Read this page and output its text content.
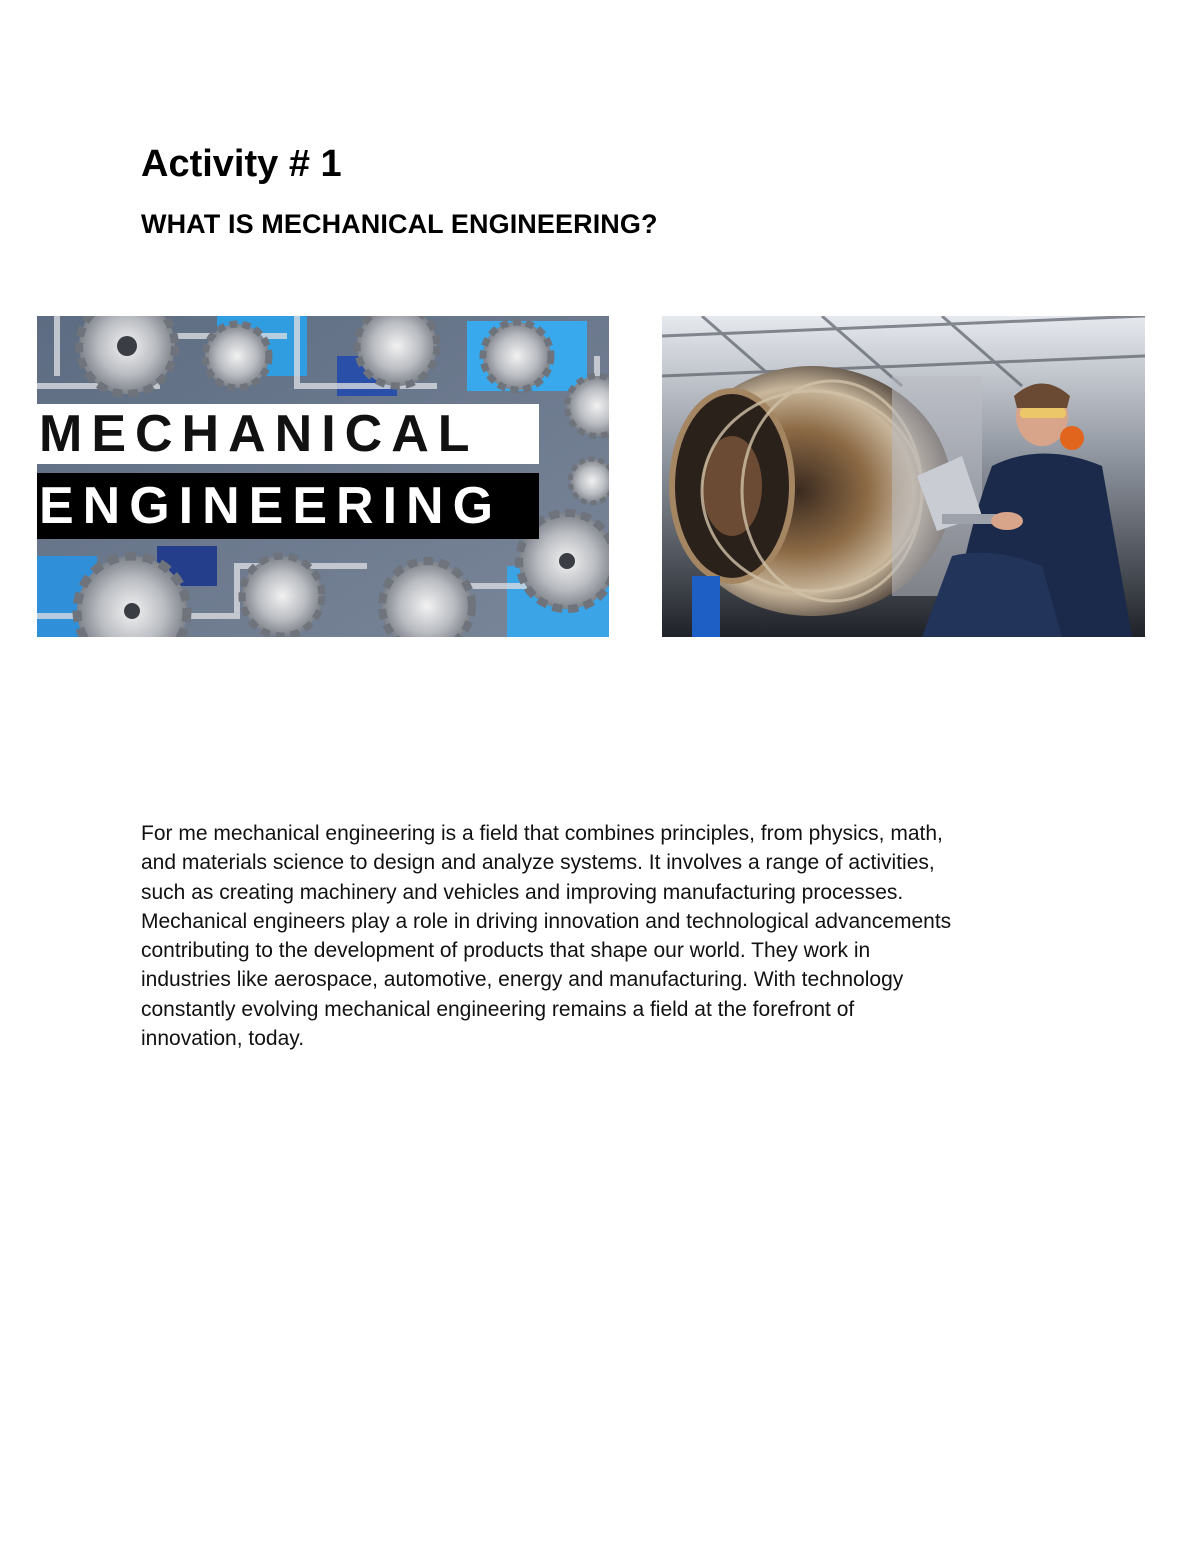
Activity # 1
WHAT IS MECHANICAL ENGINEERING?
MECHANICAL
ENGINEERING

For me mechanical engineering is a field that combines principles, from physics, math,

and materials science to design and analyze systems. It involves a range of activities,

such as creating machinery and vehicles and improving manufacturing processes.

Mechanical engineers play a role in driving innovation and technological advancements

contributing to the development of products that shape our world. They work in

industries like aerospace, automotive, energy and manufacturing. With technology

constantly evolving mechanical engineering remains a field at the forefront of

innovation, today.
